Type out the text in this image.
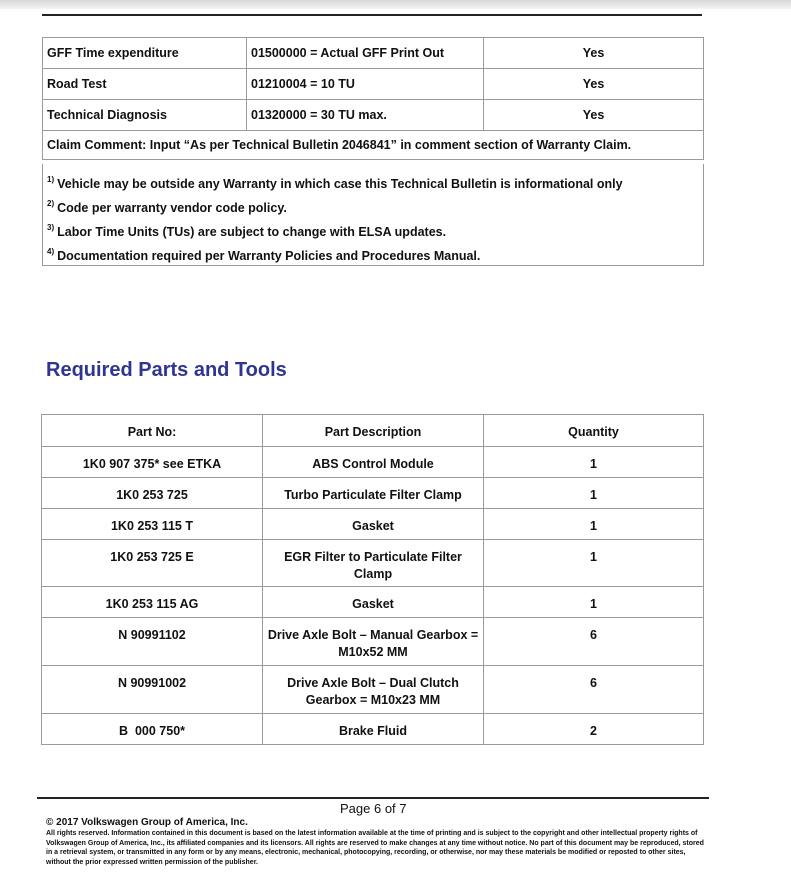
GFF Time expenditure	01500000 = Actual GFF Print Out	Yes
Road Test	01210004 = 10 TU	Yes
Technical Diagnosis	01320000 = 30 TU max.	Yes
Claim Comment: Input “As per Technical Bulletin 2046841” in comment section of Warranty Claim.		
$^{1)}$ Vehicle may be outside any Warranty in which case this Technical Bulletin is informational only
$^{2)}$ Code per warranty vendor code policy.
$^{3)}$ Labor Time Units (TUs) are subject to change with ELSA updates.
$^{4)}$ Documentation required per Warranty Policies and Procedures Manual.
Required Parts and Tools
Part No:	Part Description	Quantity
1K0 907 375* see ETKA	ABS Control Module	1
1K0 253 725	Turbo Particulate Filter Clamp	1
1K0 253 115 T	Gasket	1
1K0 253 725 E	EGR Filter to Particulate Filter Clamp	1
1K0 253 115 AG	Gasket	1
N 90991102	Drive Axle Bolt – Manual Gearbox = M10x52 MM	6
N 90991002	Drive Axle Bolt – Dual Clutch Gearbox = M10x23 MM	6
B  000 750*	Brake Fluid	2
Page 6 of 7
© 2017 Volkswagen Group of America, Inc.
All rights reserved. Information contained in this document is based on the latest information available at the time of printing and is subject to the copyright and other intellectual property rights of Volkswagen Group of America, Inc., its affiliated companies and its licensors. All rights are reserved to make changes at any time without notice. No part of this document may be reproduced, stored in a retrieval system, or transmitted in any form or by any means, electronic, mechanical, photocopying, recording, or otherwise, nor may these materials be modified or reposted to other sites, without the prior expressed written permission of the publisher.
